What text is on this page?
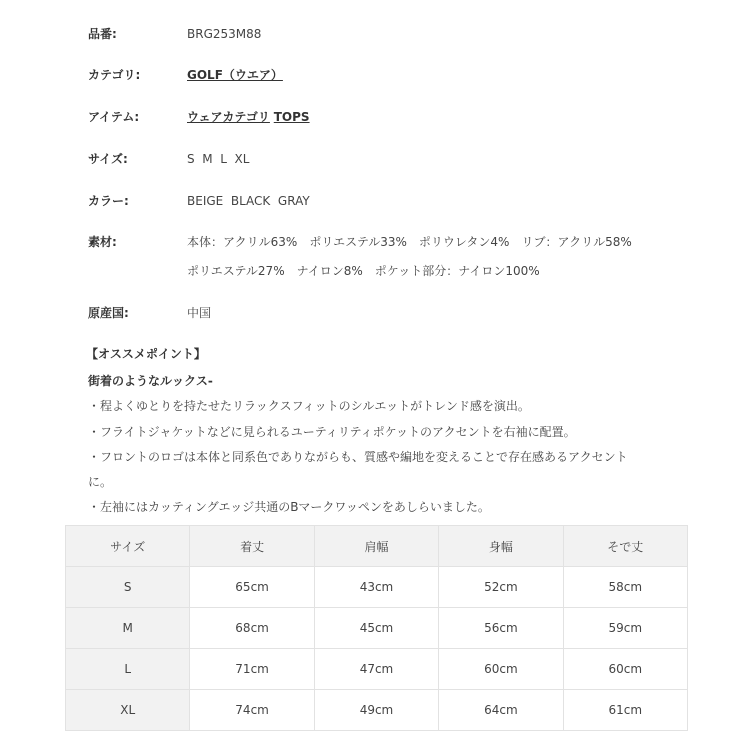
品番:	BRG253M88
カテゴリ:	GOLF（ウエア）
アイテム:	ウェアカテゴリ TOPS
サイズ:	S  M  L  XL
カラー:	BEIGE  BLACK  GRAY
素材:	本体：アクリル63%　ポリエステル33%　ポリウレタン4%　リブ：アクリル58%
ポリエステル27%　ナイロン8%　ポケット部分：ナイロン100%
原産国:	中国
【オススメポイント】
街着のようなルックス-
・程よくゆとりを持たせたリラックスフィットのシルエットがトレンド感を演出。
・フライトジャケットなどに見られるユーティリティポケットのアクセントを右袖に配置。
・フロントのロゴは本体と同系色でありながらも、質感や編地を変えることで存在感あるアクセント
に。
・左袖にはカッティングエッジ共通のBマークワッペンをあしらいました。
サイズ	着丈	肩幅	身幅	そで丈
S	65cm	43cm	52cm	58cm
M	68cm	45cm	56cm	59cm
L	71cm	47cm	60cm	60cm
XL	74cm	49cm	64cm	61cm
